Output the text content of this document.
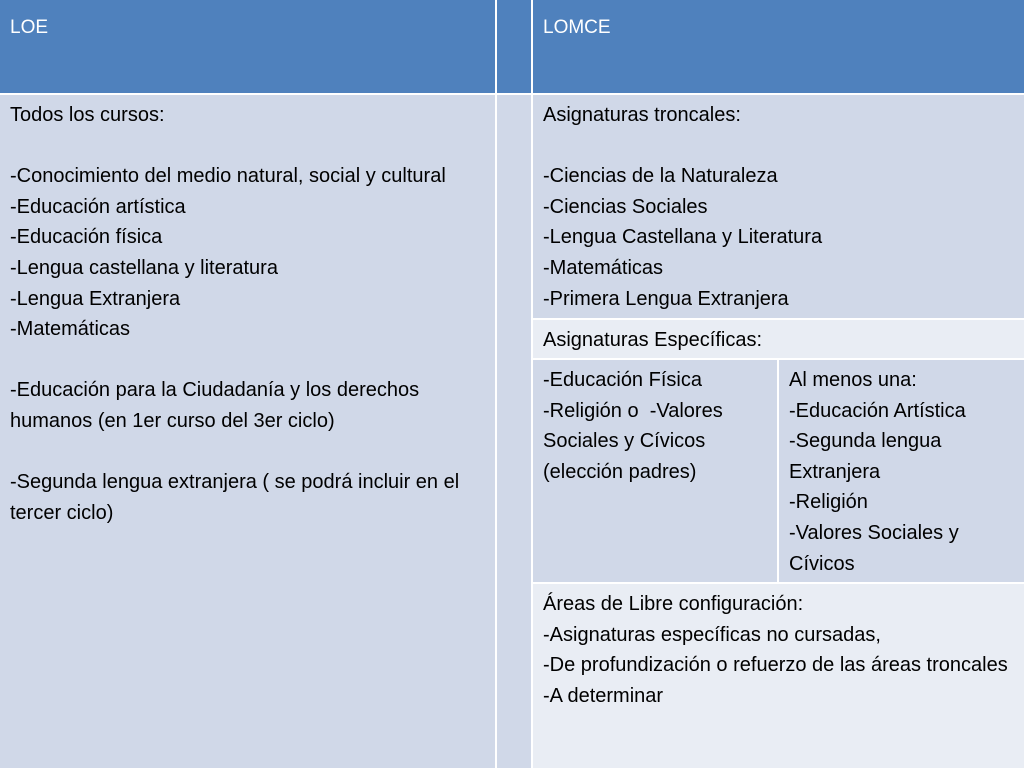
LOE	LOMCE
Todos los cursos:

-Conocimiento del medio natural, social y cultural
-Educación artística
-Educación física
-Lengua castellana y literatura
-Lengua Extranjera
-Matemáticas

-Educación para la Ciudadanía y los derechos humanos (en 1er curso del 3er ciclo)

-Segunda lengua extranjera ( se podrá incluir en el tercer ciclo)
Asignaturas troncales:

-Ciencias de la Naturaleza
-Ciencias Sociales
-Lengua Castellana y Literatura
-Matemáticas
-Primera Lengua Extranjera
Asignaturas Específicas:
-Educación Física
-Religión o  -Valores Sociales y Cívicos (elección padres)
Al menos una:
-Educación Artística
-Segunda lengua Extranjera
-Religión
-Valores Sociales y Cívicos
Áreas de Libre configuración:
-Asignaturas específicas no cursadas,
-De profundización o refuerzo de las áreas troncales
-A determinar
